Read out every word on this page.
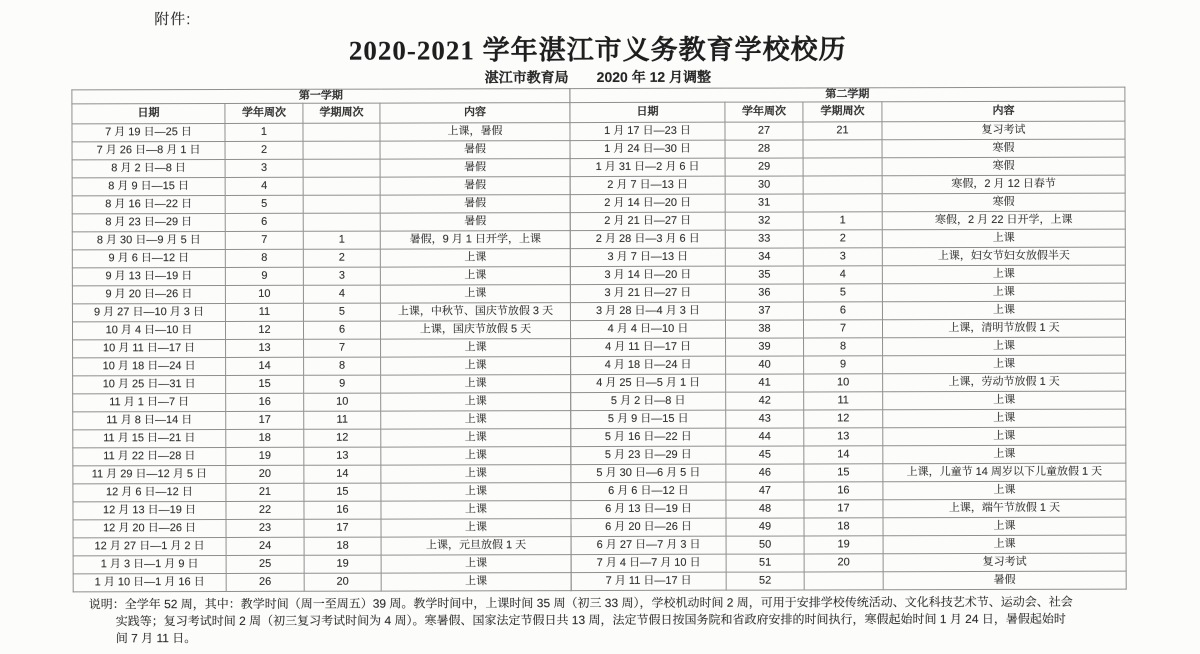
附件:
2020-2021 学年湛江市义务教育学校校历
湛江市教育局 2020 年 12 月调整
第一学期			
日期	学年周次	学期周次	内容
7 月 19 日—25 日	1		上课，暑假
7 月 26 日—8 月 1 日	2		暑假
8 月 2 日—8 日	3		暑假
8 月 9 日—15 日	4		暑假
8 月 16 日—22 日	5		暑假
8 月 23 日—29 日	6		暑假
8 月 30 日—9 月 5 日	7	1	暑假，9 月 1 日开学，上课
9 月 6 日—12 日	8	2	上课
9 月 13 日—19 日	9	3	上课
9 月 20 日—26 日	10	4	上课
9 月 27 日—10 月 3 日	11	5	上课，中秋节、国庆节放假 3 天
10 月 4 日—10 日	12	6	上课，国庆节放假 5 天
10 月 11 日—17 日	13	7	上课
10 月 18 日—24 日	14	8	上课
10 月 25 日—31 日	15	9	上课
11 月 1 日—7 日	16	10	上课
11 月 8 日—14 日	17	11	上课
11 月 15 日—21 日	18	12	上课
11 月 22 日—28 日	19	13	上课
11 月 29 日—12 月 5 日	20	14	上课
12 月 6 日—12 日	21	15	上课
12 月 13 日—19 日	22	16	上课
12 月 20 日—26 日	23	17	上课
12 月 27 日—1 月 2 日	24	18	上课，元旦放假 1 天
1 月 3 日—1 月 9 日	25	19	上课
1 月 10 日—1 月 16 日	26	20	上课
第二学期			
日期	学年周次	学期周次	内容
1 月 17 日—23 日	27	21	复习考试
1 月 24 日—30 日	28		寒假
1 月 31 日—2 月 6 日	29		寒假
2 月 7 日—13 日	30		寒假，2 月 12 日春节
2 月 14 日—20 日	31		寒假
2 月 21 日—27 日	32	1	寒假，2 月 22 日开学，上课
2 月 28 日—3 月 6 日	33	2	上课
3 月 7 日—13 日	34	3	上课，妇女节妇女放假半天
3 月 14 日—20 日	35	4	上课
3 月 21 日—27 日	36	5	上课
3 月 28 日—4 月 3 日	37	6	上课
4 月 4 日—10 日	38	7	上课，清明节放假 1 天
4 月 11 日—17 日	39	8	上课
4 月 18 日—24 日	40	9	上课
4 月 25 日—5 月 1 日	41	10	上课，劳动节放假 1 天
5 月 2 日—8 日	42	11	上课
5 月 9 日—15 日	43	12	上课
5 月 16 日—22 日	44	13	上课
5 月 23 日—29 日	45	14	上课
5 月 30 日—6 月 5 日	46	15	上课，儿童节 14 周岁以下儿童放假 1 天
6 月 6 日—12 日	47	16	上课
6 月 13 日—19 日	48	17	上课，端午节放假 1 天
6 月 20 日—26 日	49	18	上课
6 月 27 日—7 月 3 日	50	19	上课
7 月 4 日—7 月 10 日	51	20	复习考试
7 月 11 日—17 日	52		暑假
说明：全学年 52 周，其中：教学时间（周一至周五）39 周。教学时间中，上课时间 35 周（初三 33 周），学校机动时间 2 周，可用于安排学校传统活动、文化科技艺术节、运动会、社会
实践等；复习考试时间 2 周（初三复习考试时间为 4 周）。寒暑假、国家法定节假日共 13 周，法定节假日按国务院和省政府安排的时间执行，寒假起始时间 1 月 24 日，暑假起始时
间 7 月 11 日。
